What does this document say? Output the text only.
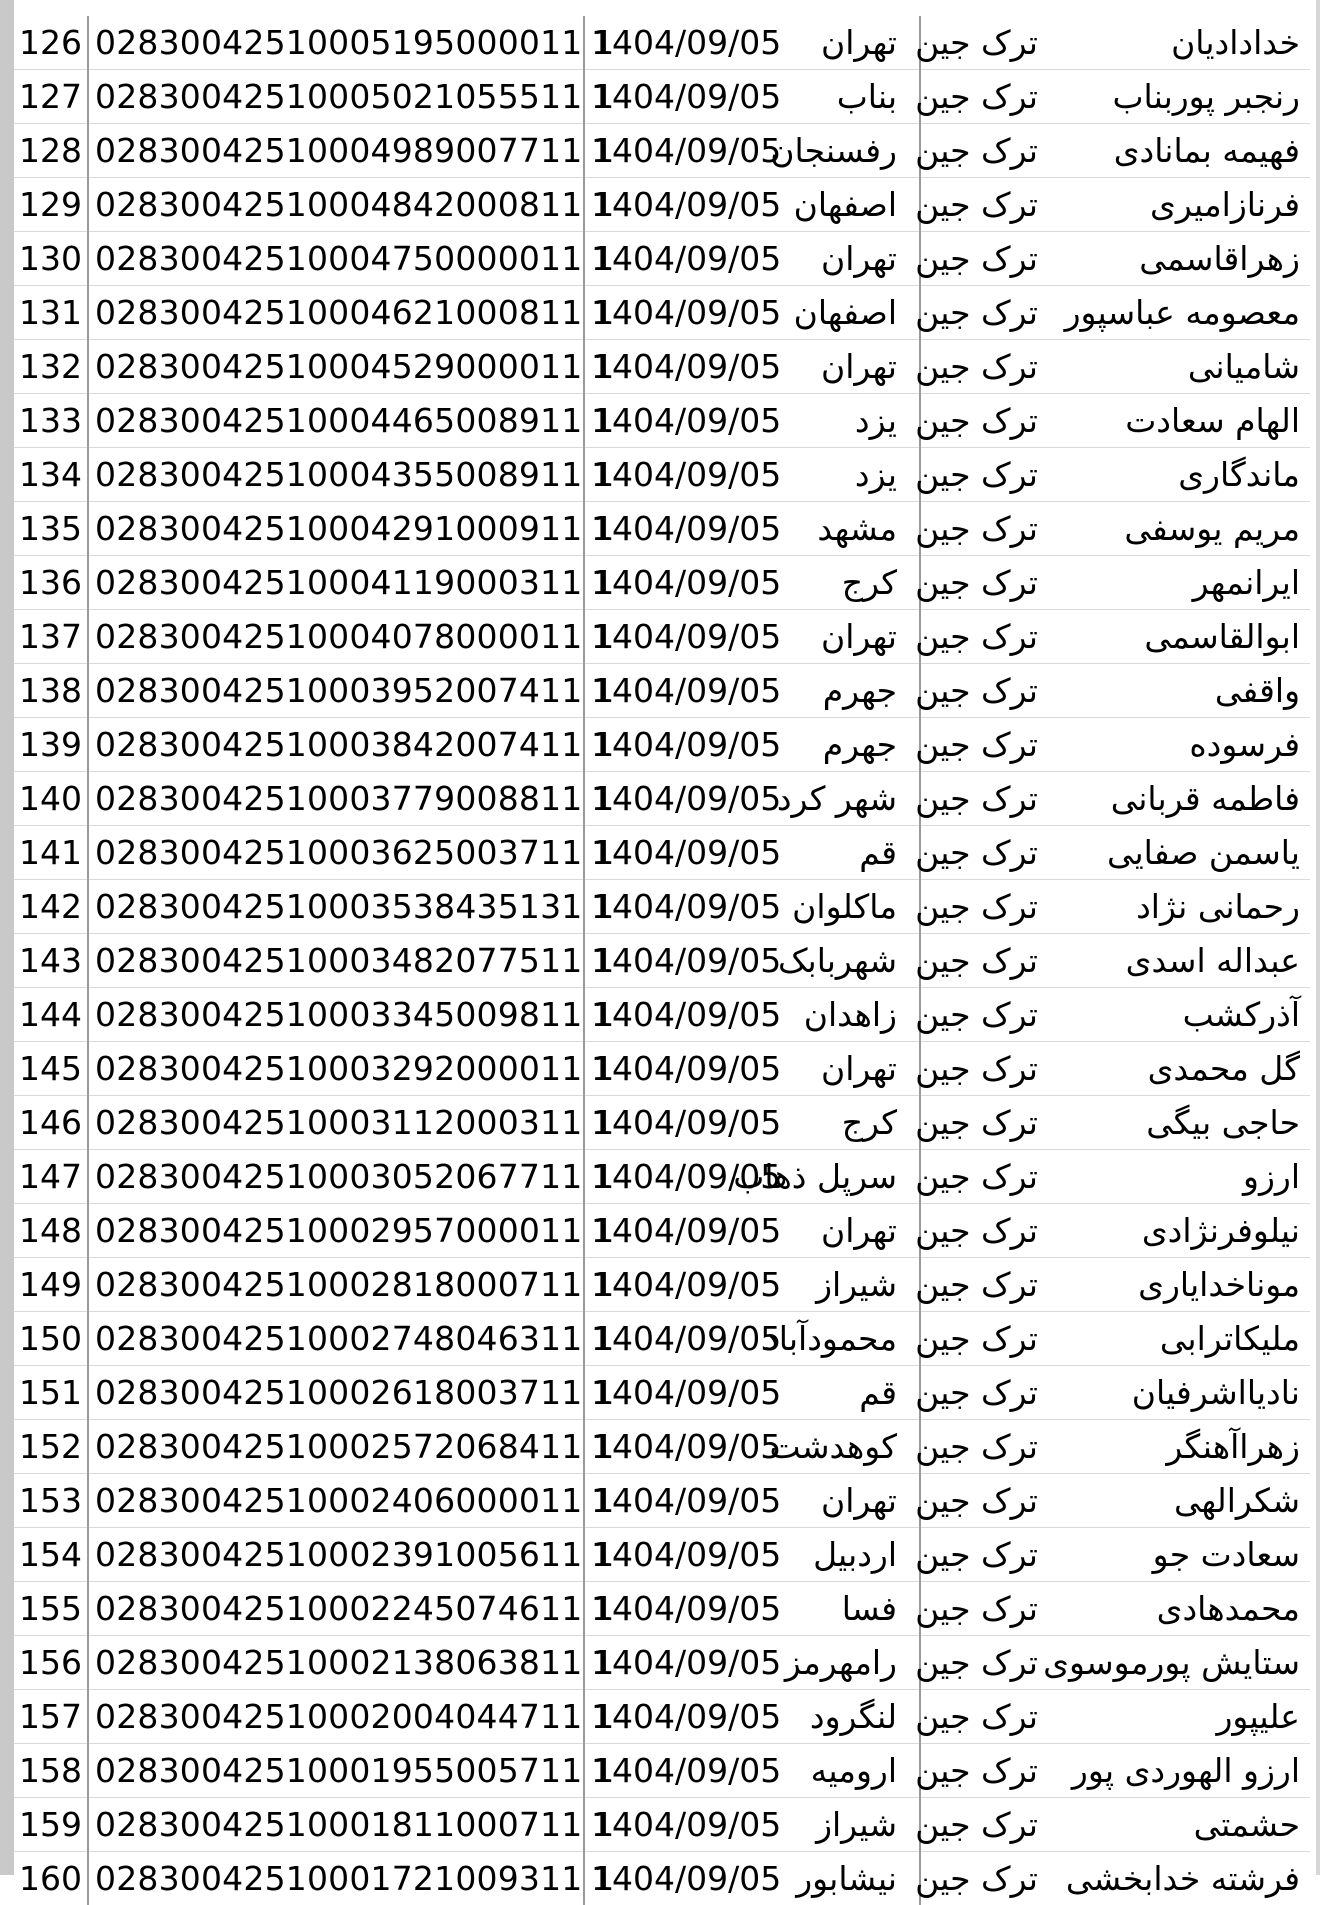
126	02830042510005195000011 1	1404/09/05	تهران	ترک جین	خدادادیان
127	02830042510005021055511 1	1404/09/05	بناب	ترک جین	رنجبر پوربناب
128	02830042510004989007711 1	1404/09/05	رفسنجان	ترک جین	فهیمه بمانادی
129	02830042510004842000811 1	1404/09/05	اصفهان	ترک جین	فرنازامیری
130	02830042510004750000011 1	1404/09/05	تهران	ترک جین	زهراقاسمی
131	02830042510004621000811 1	1404/09/05	اصفهان	ترک جین	معصومه عباسپور
132	02830042510004529000011 1	1404/09/05	تهران	ترک جین	شامیانی
133	02830042510004465008911 1	1404/09/05	یزد	ترک جین	الهام سعادت
134	02830042510004355008911 1	1404/09/05	یزد	ترک جین	ماندگاری
135	02830042510004291000911 1	1404/09/05	مشهد	ترک جین	مریم یوسفی
136	02830042510004119000311 1	1404/09/05	کرج	ترک جین	ایرانمهر
137	02830042510004078000011 1	1404/09/05	تهران	ترک جین	ابوالقاسمی
138	02830042510003952007411 1	1404/09/05	جهرم	ترک جین	واقفی
139	02830042510003842007411 1	1404/09/05	جهرم	ترک جین	فرسوده
140	02830042510003779008811 1	1404/09/05	شهر کرد	ترک جین	فاطمه قربانی
141	02830042510003625003711 1	1404/09/05	قم	ترک جین	یاسمن صفایی
142	02830042510003538435131 1	1404/09/05	ماکلوان	ترک جین	رحمانی نژاد
143	02830042510003482077511 1	1404/09/05	شهربابک	ترک جین	عبداله اسدی
144	02830042510003345009811 1	1404/09/05	زاهدان	ترک جین	آذرکشب
145	02830042510003292000011 1	1404/09/05	تهران	ترک جین	گل محمدی
146	02830042510003112000311 1	1404/09/05	کرج	ترک جین	حاجی بیگی
147	02830042510003052067711 1	1404/09/05	سرپل ذهاب	ترک جین	ارزو
148	02830042510002957000011 1	1404/09/05	تهران	ترک جین	نیلوفرنژادی
149	02830042510002818000711 1	1404/09/05	شیراز	ترک جین	موناخدایاری
150	02830042510002748046311 1	1404/09/05	محمودآباد	ترک جین	ملیکاترابی
151	02830042510002618003711 1	1404/09/05	قم	ترک جین	نادیااشرفیان
152	02830042510002572068411 1	1404/09/05	کوهدشت	ترک جین	زهراآهنگر
153	02830042510002406000011 1	1404/09/05	تهران	ترک جین	شکرالهی
154	02830042510002391005611 1	1404/09/05	اردبیل	ترک جین	سعادت جو
155	02830042510002245074611 1	1404/09/05	فسا	ترک جین	محمدهادی
156	02830042510002138063811 1	1404/09/05	رامهرمز	ترک جین	ستایش پورموسوی
157	02830042510002004044711 1	1404/09/05	لنگرود	ترک جین	علیپور
158	02830042510001955005711 1	1404/09/05	ارومیه	ترک جین	ارزو الهوردی پور
159	02830042510001811000711 1	1404/09/05	شیراز	ترک جین	حشمتی
160	02830042510001721009311 1	1404/09/05	نیشابور	ترک جین	فرشته خدابخشی
